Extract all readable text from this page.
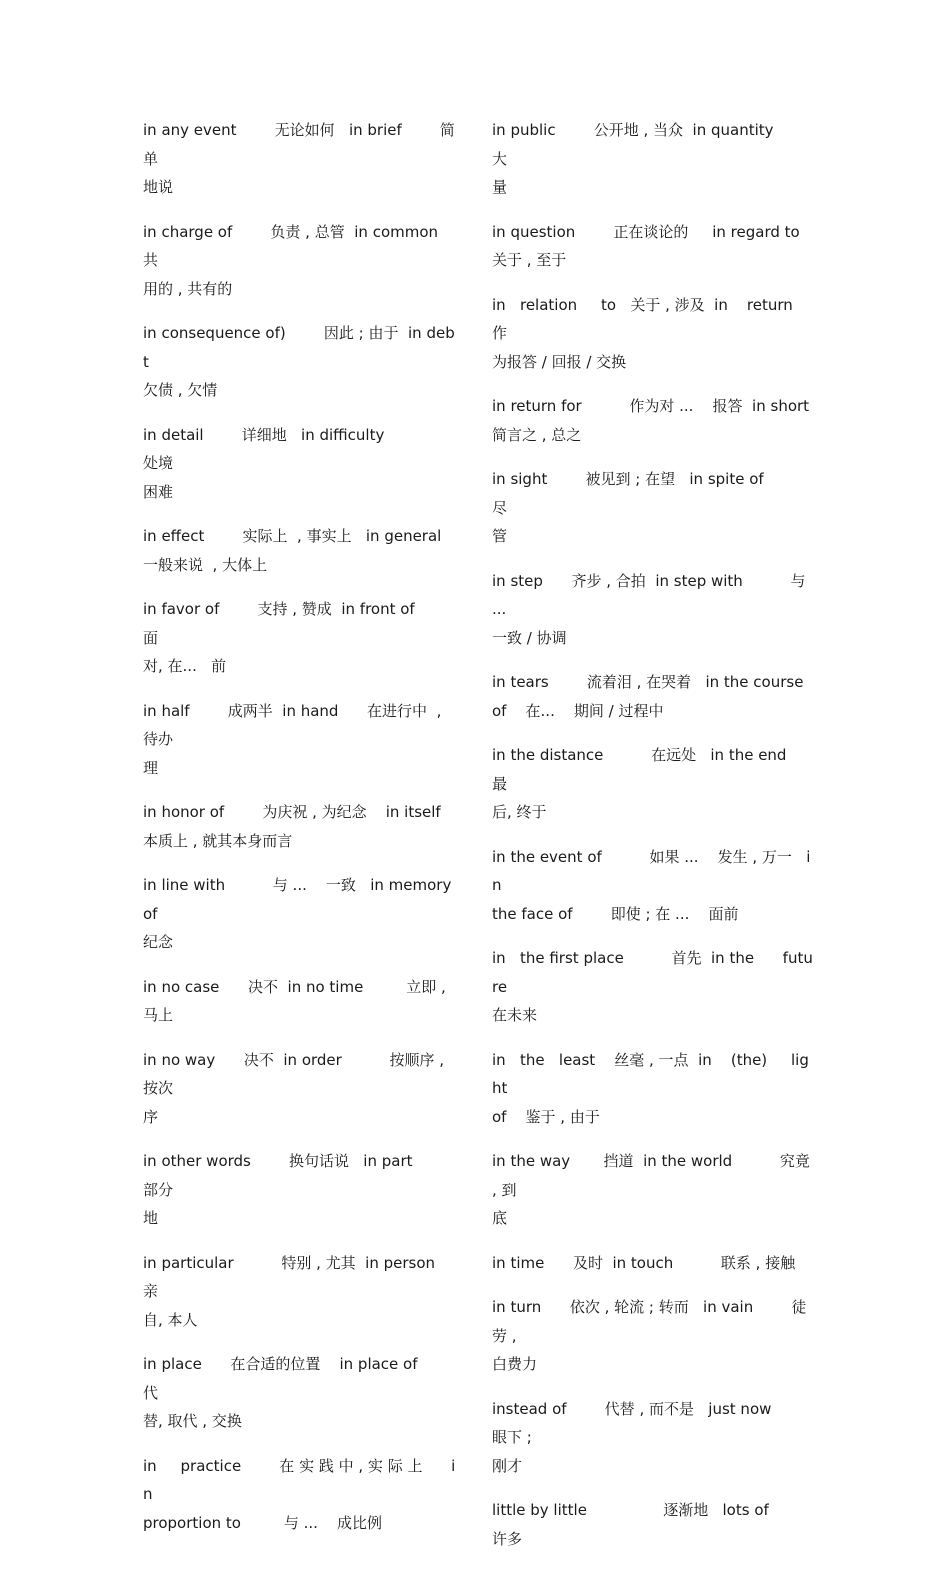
in any event        无论如何   in brief        简单
地说
in charge of        负责 , 总管  in common    共
用的 , 共有的
in consequence of)        因此 ; 由于  in debt
欠债 , 欠情
in detail        详细地   in difficulty              处境
困难
in effect        实际上  , 事实上   in general
一般来说  , 大体上
in favor of        支持 , 赞成  in front of          面
对, 在...   前
in half        成两半  in hand      在进行中  , 待办
理
in honor of        为庆祝 , 为纪念    in itself
本质上 , 就其本身而言
in line with          与 ...    一致   in memory of
纪念
in no case      决不  in no time         立即 , 马上
in no way      决不  in order          按顺序 , 按次
序
in other words        换句话说   in part          部分
地
in particular          特别 , 尤其  in person        亲
自, 本人
in place      在合适的位置    in place of          代
替, 取代 , 交换
in     practice        在 实 践 中 , 实 际 上      in
proportion to         与 ...    成比例
in public        公开地 , 当众  in quantity          大
量
in question        正在谈论的     in regard to
关于 , 至于
in   relation     to   关于 , 涉及  in    return     作
为报答 / 回报 / 交换
in return for          作为对 ...    报答  in short
简言之 , 总之
in sight        被见到 ; 在望   in spite of            尽
管
in step      齐步 , 合拍  in step with          与 ...
一致 / 协调
in tears        流着泪 , 在哭着   in the course
of    在...    期间 / 过程中
in the distance          在远处   in the end         最
后, 终于
in the event of          如果 ...    发生 , 万一   in
the face of        即使 ; 在 ...    面前
in   the first place          首先  in the      future
在未来
in   the   least    丝毫 , 一点  in    (the)     light
of    鉴于 , 由于
in the way       挡道  in the world          究竟 , 到
底
in time      及时  in touch          联系 , 接触
in turn      依次 , 轮流 ; 转而   in vain        徒劳 ,
白费力
instead of        代替 , 而不是   just now        眼下 ;
刚才
little by little                逐渐地   lots of         许多
